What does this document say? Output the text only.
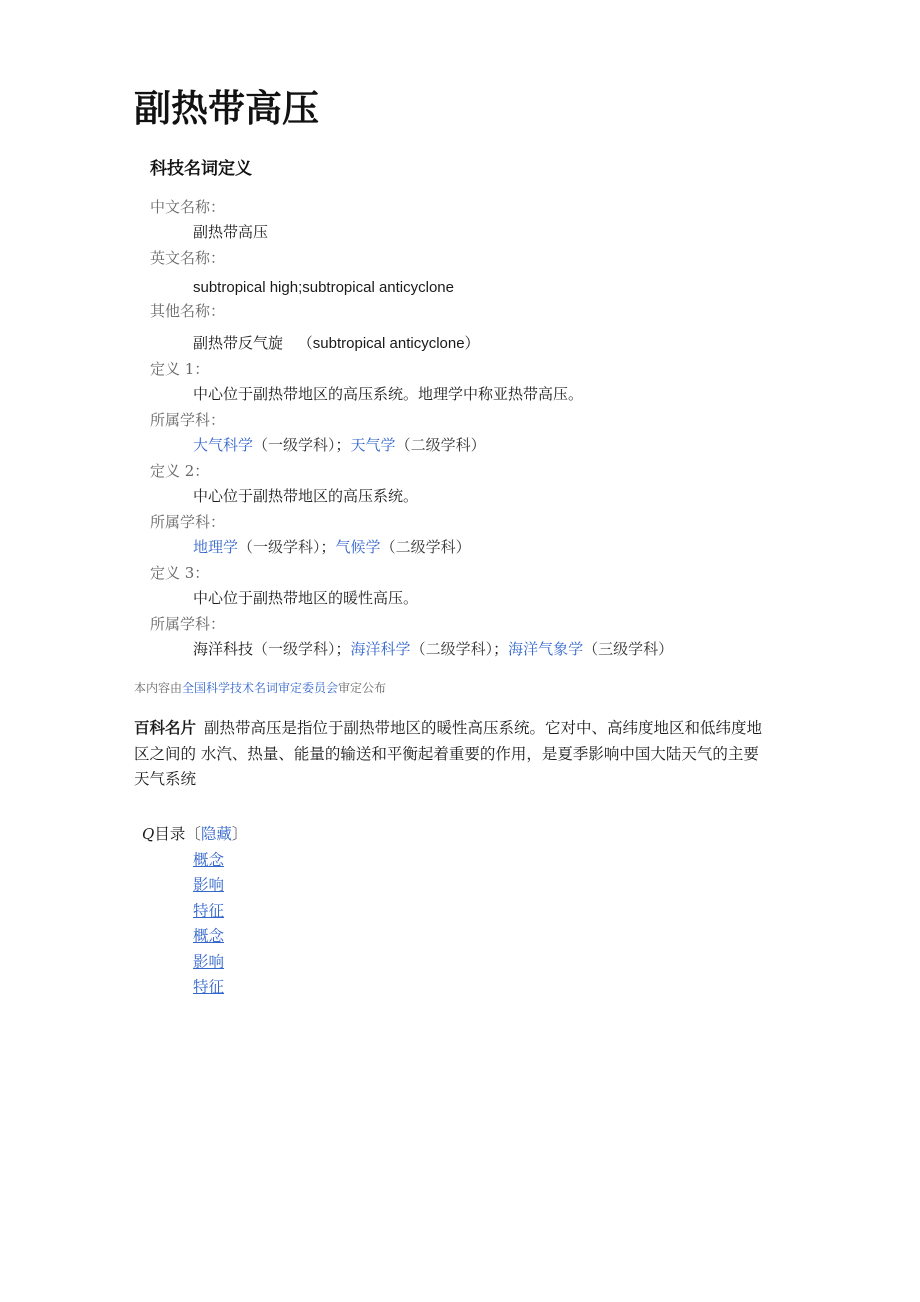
副热带高压
科技名词定义
中文名称：
副热带高压
英文名称：
subtropical high;subtropical anticyclone
其他名称：
副热带反气旋 （subtropical anticyclone）
定义 1：
中心位于副热带地区的高压系统。地理学中称亚热带高压。
所属学科：
大气科学（一级学科）；天气学（二级学科）
定义 2：
中心位于副热带地区的高压系统。
所属学科：
地理学（一级学科）；气候学（二级学科）
定义 3：
中心位于副热带地区的暖性高压。
所属学科：
海洋科技（一级学科）；海洋科学（二级学科）；海洋气象学（三级学科）
本内容由全国科学技术名词审定委员会审定公布
百科名片 副热带高压是指位于副热带地区的暖性高压系统。它对中、高纬度地区和低纬度地区之间的 水汽、热量、能量的输送和平衡起着重要的作用，是夏季影响中国大陆天气的主要天气系统
Q目录〔隐藏〕
概念
影响
特征
概念
影响
特征
